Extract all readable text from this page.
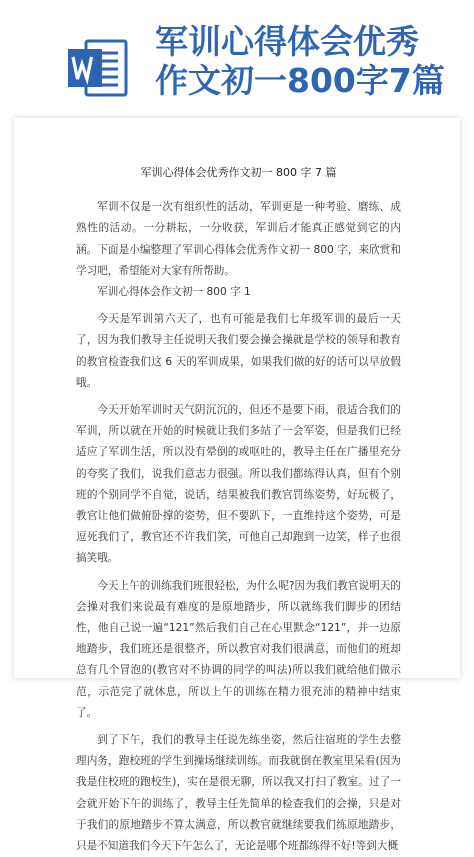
军训心得体会优秀
作文初一800字7篇
军训心得体会优秀作文初一 800 字 7 篇

军训不仅是一次有组织性的活动，军训更是一种考验、磨练、成熟性的活动。一分耕耘，一分收获，军训后才能真正感觉到它的内涵。下面是小编整理了军训心得体会优秀作文初一 800 字，来欣赏和学习吧，希望能对大家有所帮助。

军训心得体会作文初一 800 字 1

今天是军训第六天了，也有可能是我们七年级军训的最后一天了，因为我们教导主任说明天我们要会操会操就是学校的领导和教育的教官检查我们这 6 天的军训成果，如果我们做的好的话可以早放假哦。

今天开始军训时天气阴沉沉的，但还不是要下雨，很适合我们的军训，所以就在开始的时候就让我们多站了一会军姿，但是我们已经适应了军训生活，所以没有晕倒的或呕吐的，教导主任在广播里充分的夸奖了我们，说我们意志力很强。所以我们都练得认真，但有个别班的个别同学不自觉，说话，结果被我们教官罚练姿势，好玩极了，教官让他们做俯卧撑的姿势，但不要趴下，一直维持这个姿势，可是逗死我们了，教官还不许我们笑，可他自己却跑到一边笑，样子也很搞笑哦。

今天上午的训练我们班很轻松，为什么呢?因为我们教官说明天的会操对我们来说最有难度的是原地踏步，所以就练我们脚步的团结性，他自己说一遍“121”然后我们自己在心里默念“121”，并一边原地踏步，我们班还是很整齐，所以教官对我们很满意，而他们的班却总有几个冒泡的(教官对不协调的同学的叫法)所以我们就给他们做示范，示范完了就休息，所以上午的训练在精力很充沛的精神中结束了。

到了下午，我们的教导主任说先练坐姿，然后往宿班的学生去整理内务，跑校班的学生到操场继续训练。而我就倒在教室里呆看(因为我是住校班的跑校生)，实在是很无聊，所以我又打扫了教室。过了一会就开始下午的训练了，教导主任先简单的检查我们的会操，只是对于我们的原地踏步不算太满意，所以教官就继续要我们练原地踏步，只是不知道我们今天下午怎么了，无论是哪个班都练得不好!等到大概
